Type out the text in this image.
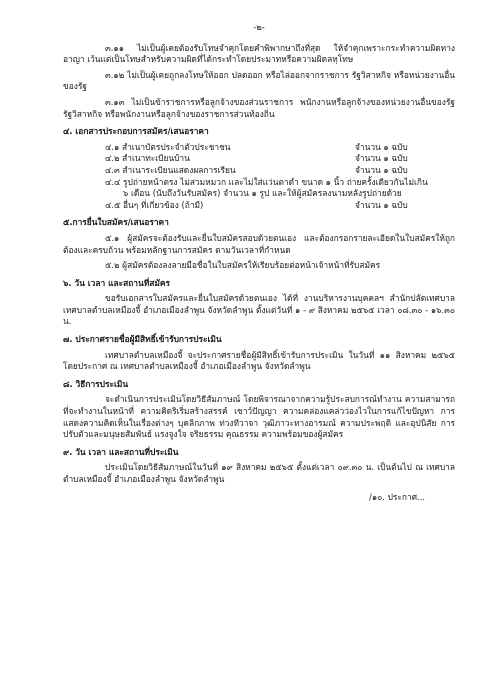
-๒-

๓.๑๑ ไม่เป็นผู้เคยต้องรับโทษจำคุกโดยคำพิพากษาถึงที่สุด ให้จำคุกเพราะกระทำความผิดทางอาญา เว้นแต่เป็นโทษสำหรับความผิดที่ได้กระทำโดยประมาทหรือความผิดลหุโทษ

๓.๑๒ ไม่เป็นผู้เคยถูกลงโทษให้ออก ปลดออก หรือไล่ออกจากราชการ รัฐวิสาหกิจ หรือหน่วยงานอื่นของรัฐ

๓.๑๓ ไม่เป็นข้าราชการหรือลูกจ้างของส่วนราชการ พนักงานหรือลูกจ้างของหน่วยงานอื่นของรัฐ รัฐวิสาหกิจ หรือพนักงานหรือลูกจ้างของราชการส่วนท้องถิ่น

๔. เอกสารประกอบการสมัคร/เสนอราคา

๔.๑ สำเนาบัตรประจำตัวประชาชน	จำนวน ๑ ฉบับ
๔.๒ สำเนาทะเบียนบ้าน	จำนวน ๑ ฉบับ
๔.๓ สำเนาระเบียนแสดงผลการเรียน	จำนวน ๑ ฉบับ

๔.๔ รูปถ่ายหน้าตรง ไม่สวมหมวก และไม่ใส่แว่นตาดำ ขนาด ๑ นิ้ว ถ่ายครั้งเดียวกันไม่เกิน

๖ เดือน (นับถึงวันรับสมัคร) จำนวน ๑ รูป และให้ผู้สมัครลงนามหลังรูปถ่ายด้วย

๔.๕ อื่นๆ ที่เกี่ยวข้อง (ถ้ามี)	จำนวน ๑ ฉบับ

๕.การยื่นใบสมัคร/เสนอราคา

๕.๑ ผู้สมัครจะต้องรับและยื่นใบสมัครสอบด้วยตนเอง และต้องกรอกรายละเอียดในใบสมัครให้ถูกต้องและครบถ้วน พร้อมหลักฐานการสมัคร ตามวันเวลาที่กำหนด

๕.๒ ผู้สมัครต้องลงลายมือชื่อในใบสมัครให้เรียบร้อยต่อหน้าเจ้าหน้าที่รับสมัคร

๖. วัน เวลา และสถานที่สมัคร

ขอรับเอกสารใบสมัครและยื่นใบสมัครด้วยตนเอง ได้ที่ งานบริหารงานบุคคลฯ สำนักปลัดเทศบาล เทศบาลตำบลเหมืองจี้ อำเภอเมืองลำพูน จังหวัดลำพูน ตั้งแต่วันที่ ๑ - ๙ สิงหาคม ๒๕๖๕ เวลา ๐๘.๓๐ - ๑๖.๓๐ น.

๗. ประกาศรายชื่อผู้มีสิทธิ์เข้ารับการประเมิน

เทศบาลตำบลเหมืองจี้ จะประกาศรายชื่อผู้มีสิทธิ์เข้ารับการประเมิน ในวันที่ ๑๑ สิงหาคม ๒๕๖๕ โดยประกาศ ณ เทศบาลตำบลเหมืองจี้ อำเภอเมืองลำพูน จังหวัดลำพูน

๘. วิธีการประเมิน

จะดำเนินการประเมินโดยวิธีสัมภาษณ์ โดยพิจารณาจากความรู้ประสบการณ์ทำงาน ความสามารถที่จะทำงานในหน้าที่ ความคิดริเริ่มสร้างสรรค์ เชาว์ปัญญา ความคล่องแคล่วว่องไวในการแก้ไขปัญหา การแสดงความคิดเห็นในเรื่องต่างๆ บุคลิกภาพ ท่วงทีวาจา วุฒิภาวะทางอารมณ์ ความประพฤติ และอุปนิสัย การปรับตัวและมนุษยสัมพันธ์ แรงจูงใจ จริยธรรม คุณธรรม ความพร้อมของผู้สมัคร

๙. วัน เวลา และสถานที่ประเมิน

ประเมินโดยวิธีสัมภาษณ์ในวันที่ ๑๙ สิงหาคม ๒๕๖๕ ตั้งแต่เวลา ๐๙.๓๐ น. เป็นต้นไป ณ เทศบาลตำบลเหมืองจี้ อำเภอเมืองลำพูน จังหวัดลำพูน

/๑๐. ประกาศ...
